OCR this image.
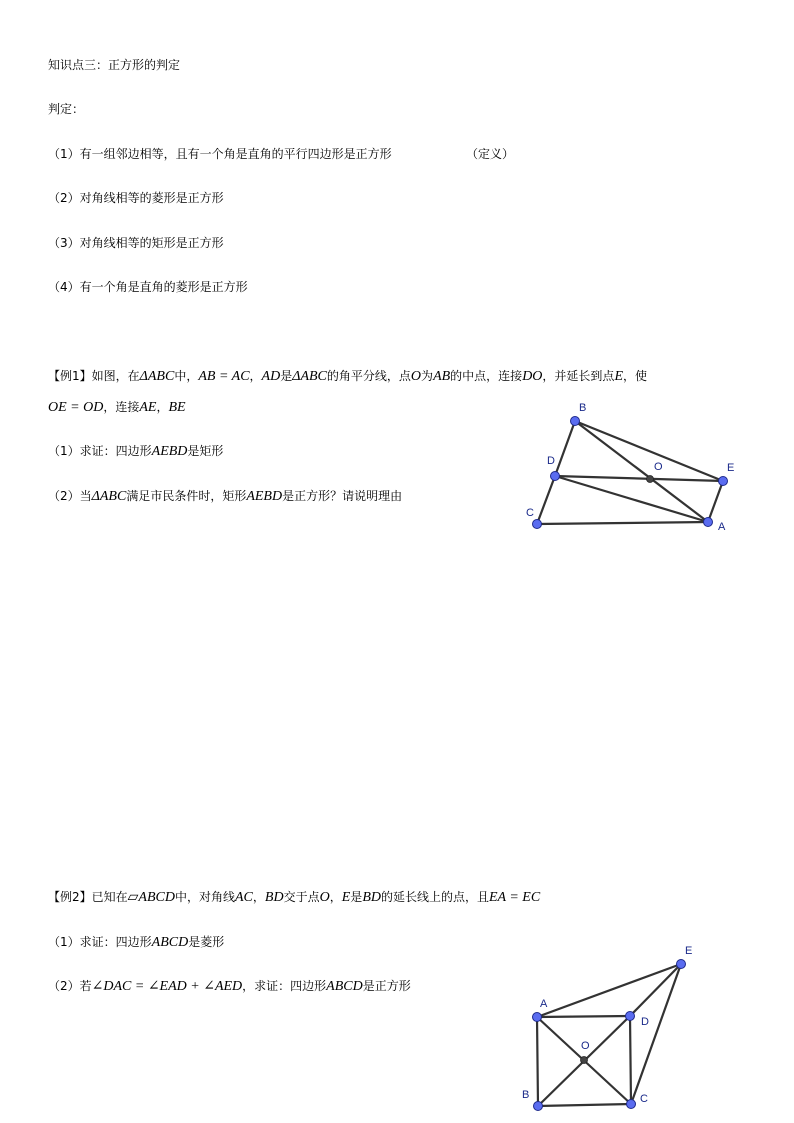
知识点三：正方形的判定
判定：
（1）有一组邻边相等，且有一个角是直角的平行四边形是正方形	（定义）
（2）对角线相等的菱形是正方形
（3）对角线相等的矩形是正方形
（4）有一个角是直角的菱形是正方形
【例1】如图，在ΔABC中，AB = AC，AD是ΔABC的角平分线，点O为AB的中点，连接DO，并延长到点E，使
OE = OD，连接AE，BE
（1）求证：四边形AEBD是矩形
（2）当ΔABC满足市民条件时，矩形AEBD是正方形？请说明理由
B
D	O	E
C
A
【例2】已知在▱ABCD中，对角线AC，BD交于点O，E是BD的延长线上的点，且EA = EC
（1）求证：四边形ABCD是菱形
（2）若∠DAC = ∠EAD + ∠AED，求证：四边形ABCD是正方形
E
A
D
O
B	C
